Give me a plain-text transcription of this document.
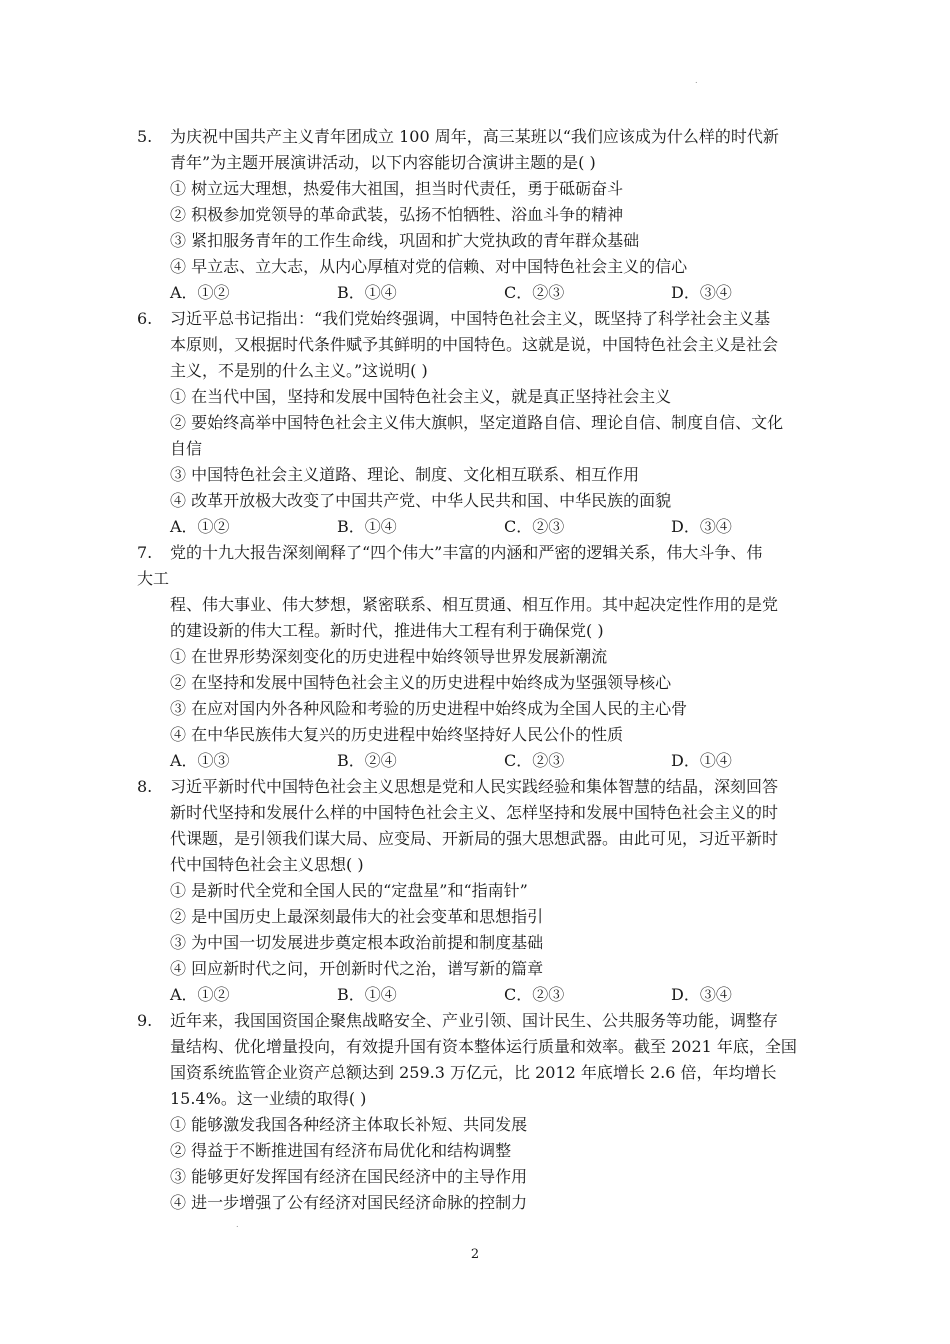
.
5. 为庆祝中国共产主义青年团成立 100 周年，高三某班以“我们应该成为什么样的时代新
青年”为主题开展演讲活动，以下内容能切合演讲主题的是( )
① 树立远大理想，热爱伟大祖国，担当时代责任，勇于砥砺奋斗
② 积极参加党领导的革命武装，弘扬不怕牺牲、浴血斗争的精神
③ 紧扣服务青年的工作生命线，巩固和扩大党执政的青年群众基础
④ 早立志、立大志，从内心厚植对党的信赖、对中国特色社会主义的信心
A．①②	B．①④	C．②③	D．③④
6. 习近平总书记指出：“我们党始终强调，中国特色社会主义，既坚持了科学社会主义基
本原则，又根据时代条件赋予其鲜明的中国特色。这就是说，中国特色社会主义是社会
主义，不是别的什么主义。”这说明( )
① 在当代中国，坚持和发展中国特色社会主义，就是真正坚持社会主义
② 要始终高举中国特色社会主义伟大旗帜，坚定道路自信、理论自信、制度自信、文化
自信
③ 中国特色社会主义道路、理论、制度、文化相互联系、相互作用
④ 改革开放极大改变了中国共产党、中华人民共和国、中华民族的面貌
A．①②	B．①④	C．②③	D．③④
7. 党的十九大报告深刻阐释了“四个伟大”丰富的内涵和严密的逻辑关系，伟大斗争、伟
大工
程、伟大事业、伟大梦想，紧密联系、相互贯通、相互作用。其中起决定性作用的是党
的建设新的伟大工程。新时代，推进伟大工程有利于确保党( )
① 在世界形势深刻变化的历史进程中始终领导世界发展新潮流
② 在坚持和发展中国特色社会主义的历史进程中始终成为坚强领导核心
③ 在应对国内外各种风险和考验的历史进程中始终成为全国人民的主心骨
④ 在中华民族伟大复兴的历史进程中始终坚持好人民公仆的性质
A．①③	B．②④	C．②③	D．①④
8. 习近平新时代中国特色社会主义思想是党和人民实践经验和集体智慧的结晶，深刻回答
新时代坚持和发展什么样的中国特色社会主义、怎样坚持和发展中国特色社会主义的时
代课题，是引领我们谋大局、应变局、开新局的强大思想武器。由此可见，习近平新时
代中国特色社会主义思想( )
① 是新时代全党和全国人民的“定盘星”和“指南针”
② 是中国历史上最深刻最伟大的社会变革和思想指引
③ 为中国一切发展进步奠定根本政治前提和制度基础
④ 回应新时代之问，开创新时代之治，谱写新的篇章
A．①②	B．①④	C．②③	D．③④
9. 近年来，我国国资国企聚焦战略安全、产业引领、国计民生、公共服务等功能，调整存
量结构、优化增量投向，有效提升国有资本整体运行质量和效率。截至 2021 年底，全国
国资系统监管企业资产总额达到 259.3 万亿元，比 2012 年底增长 2.6 倍，年均增长
15.4%。这一业绩的取得( )
① 能够激发我国各种经济主体取长补短、共同发展
② 得益于不断推进国有经济布局优化和结构调整
③ 能够更好发挥国有经济在国民经济中的主导作用
④ 进一步增强了公有经济对国民经济命脉的控制力
.
2
